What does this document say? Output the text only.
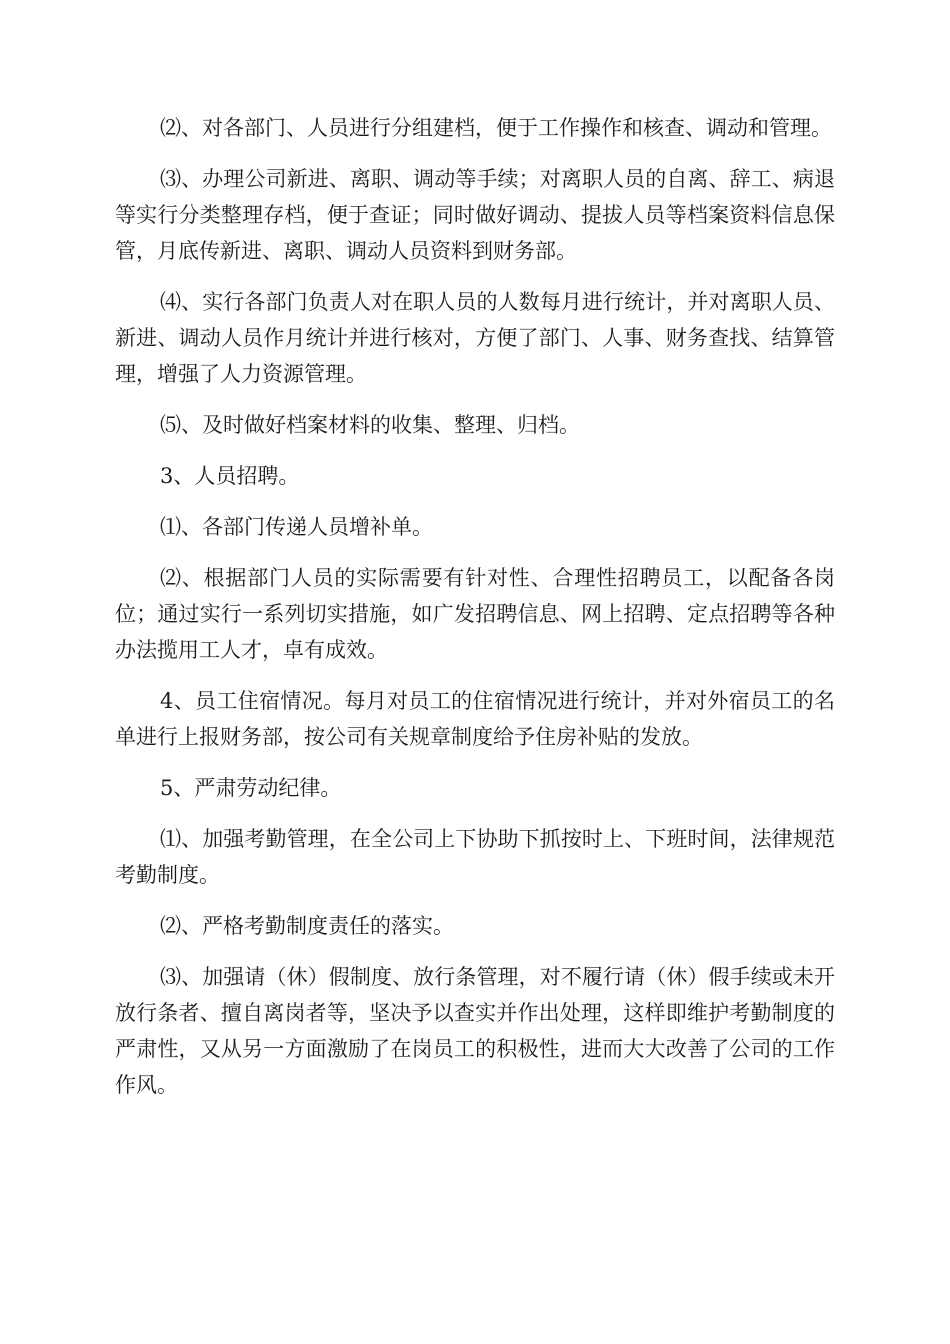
⑵、对各部门、人员进行分组建档，便于工作操作和核查、调动和管理。

⑶、办理公司新进、离职、调动等手续；对离职人员的自离、辞工、病退等实行分类整理存档，便于查证；同时做好调动、提拔人员等档案资料信息保管，月底传新进、离职、调动人员资料到财务部。

⑷、实行各部门负责人对在职人员的人数每月进行统计，并对离职人员、新进、调动人员作月统计并进行核对，方便了部门、人事、财务查找、结算管理，增强了人力资源管理。

⑸、及时做好档案材料的收集、整理、归档。

3、人员招聘。

⑴、各部门传递人员增补单。

⑵、根据部门人员的实际需要有针对性、合理性招聘员工，以配备各岗位；通过实行一系列切实措施，如广发招聘信息、网上招聘、定点招聘等各种办法揽用工人才，卓有成效。

4、员工住宿情况。每月对员工的住宿情况进行统计，并对外宿员工的名单进行上报财务部，按公司有关规章制度给予住房补贴的发放。

5、严肃劳动纪律。

⑴、加强考勤管理，在全公司上下协助下抓按时上、下班时间，法律规范考勤制度。

⑵、严格考勤制度责任的落实。

⑶、加强请（休）假制度、放行条管理，对不履行请（休）假手续或未开放行条者、擅自离岗者等，坚决予以查实并作出处理，这样即维护考勤制度的严肃性，又从另一方面激励了在岗员工的积极性，进而大大改善了公司的工作作风。
